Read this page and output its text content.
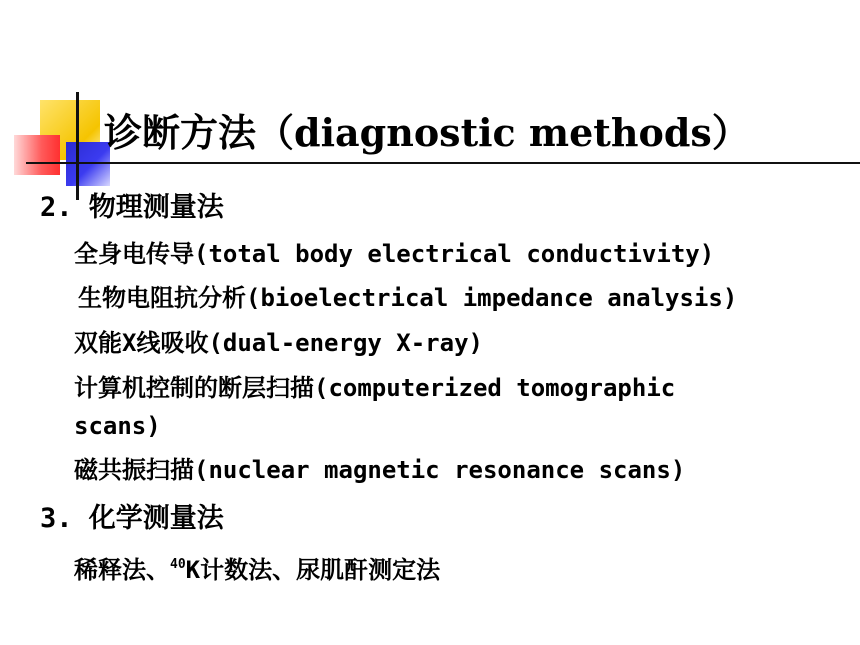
诊断方法（diagnostic methods）
2. 物理测量法
全身电传导(total body electrical conductivity)
生物电阻抗分析(bioelectrical impedance analysis)
双能X线吸收(dual-energy X-ray)
计算机控制的断层扫描(computerized tomographic
scans)
磁共振扫描(nuclear magnetic resonance scans)
3. 化学测量法
稀释法、$^{40}$K计数法、尿肌酐测定法
